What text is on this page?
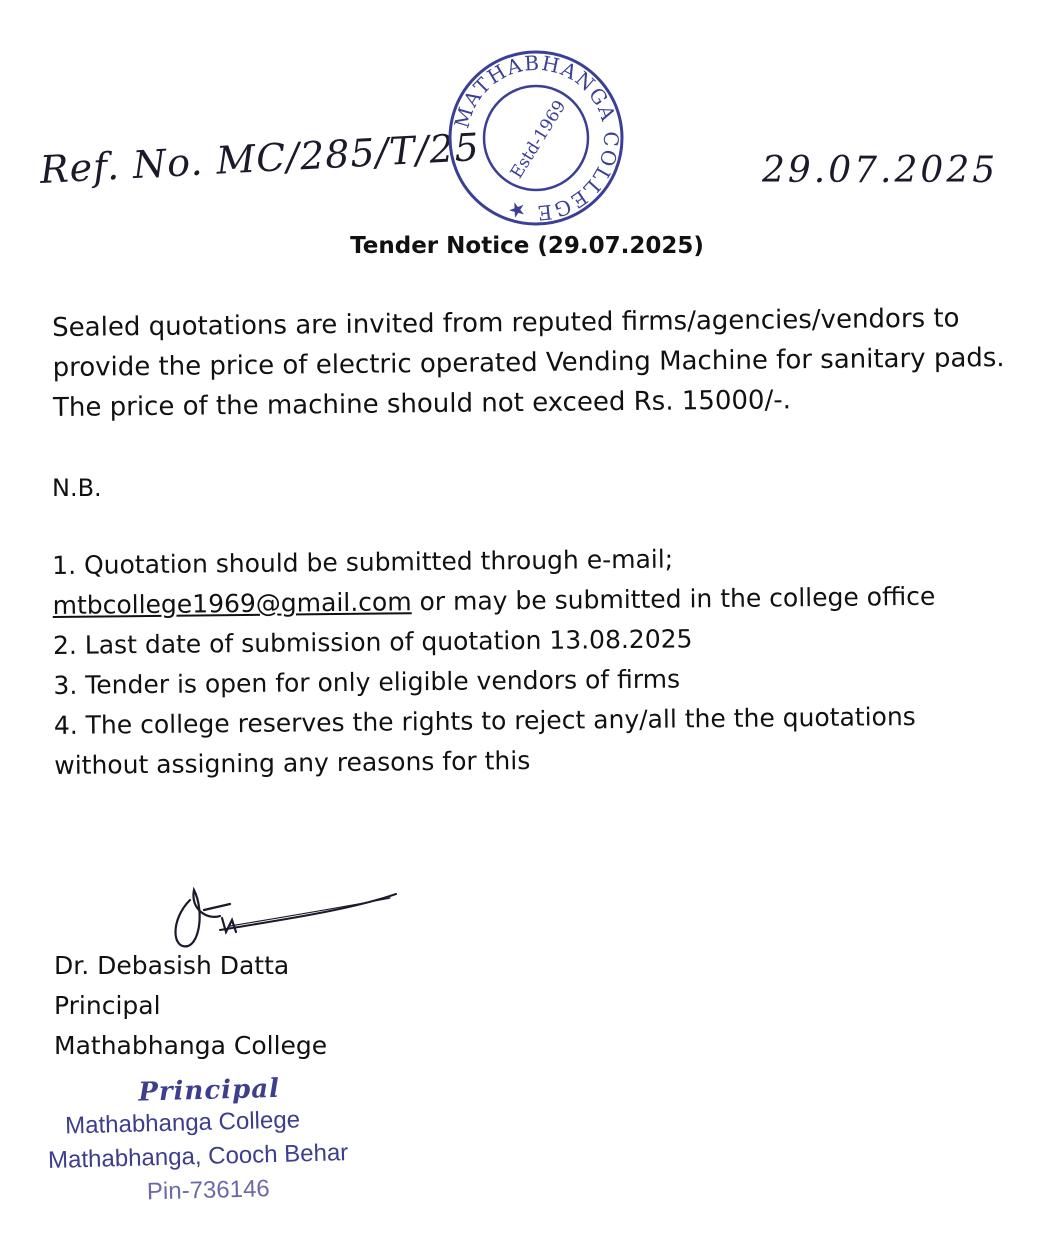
Ref. No. MC/285/T/25
MATHABHANGA COLLEGE ★
Estd-1969	29.07.2025
Tender Notice (29.07.2025)
Sealed quotations are invited from reputed firms/agencies/vendors to
provide the price of electric operated Vending Machine for sanitary pads.
The price of the machine should not exceed Rs. 15000/-.
N.B.
1. Quotation should be submitted through e-mail;
mtbcollege1969@gmail.com or may be submitted in the college office
2. Last date of submission of quotation 13.08.2025
3. Tender is open for only eligible vendors of firms
4. The college reserves the rights to reject any/all the the quotations
without assigning any reasons for this
Dr. Debasish Datta
Principal
Mathabhanga College
Principal
Mathabhanga College
Mathabhanga, Cooch Behar
Pin-736146
